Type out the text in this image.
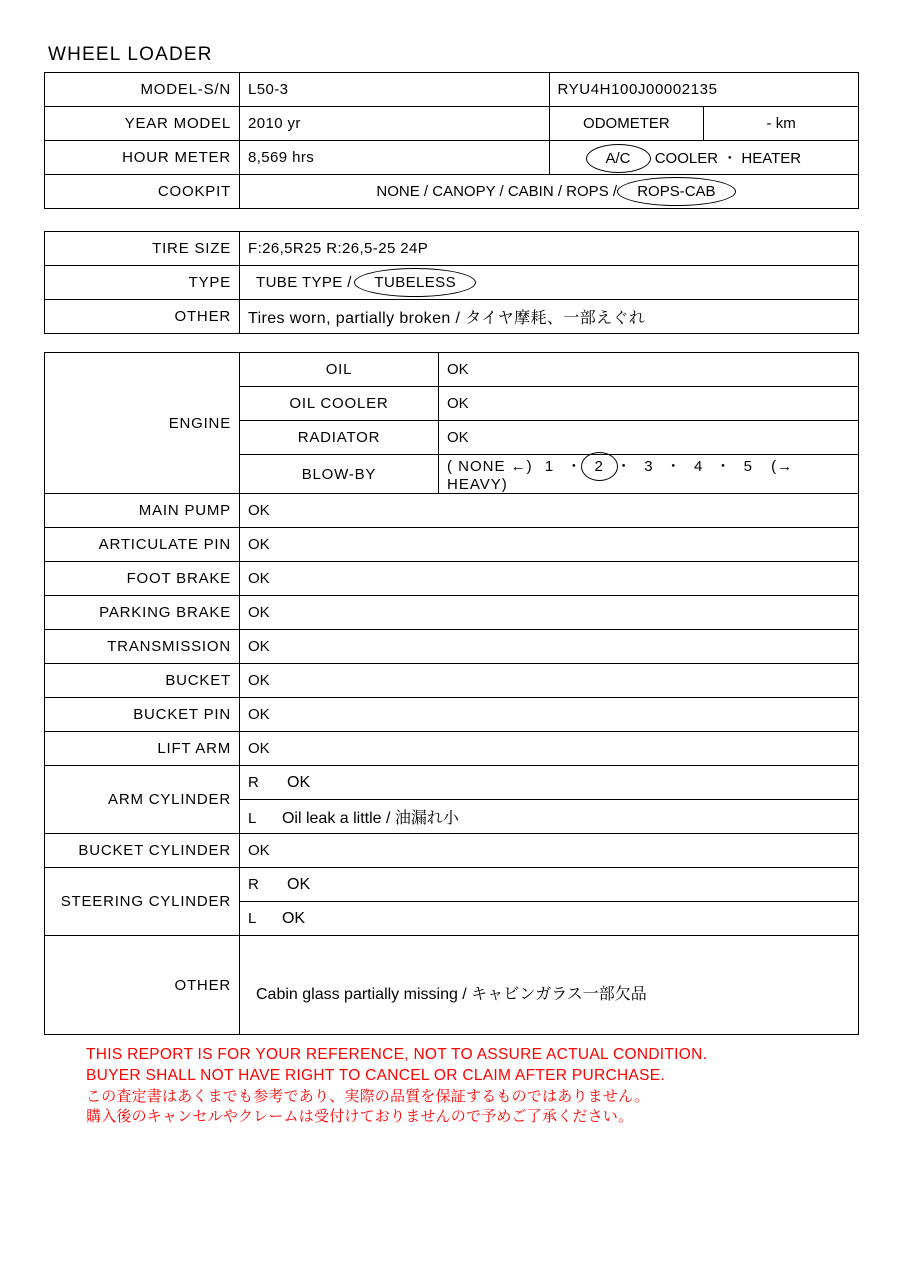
WHEEL LOADER
MODEL-S/N	L50-3	RYU4H100J00002135	
YEAR MODEL	2010 yr	ODOMETER	- km
HOUR METER	8,569 hrs	A/C COOLER ・ HEATER	
COOKPIT	NONE / CANOPY / CABIN / ROPS / ROPS-CAB		
TIRE SIZE	F:26,5R25 R:26,5-25 24P
TYPE	TUBE TYPE / TUBELESS
OTHER	Tires worn, partially broken / タイヤ摩耗、一部えぐれ
ENGINE	OIL	OK
	OIL COOLER	OK
	RADIATOR	OK
	BLOW-BY	( NONE ←) 1 ・ 2 ・ 3 ・ 4 ・ 5 (→ HEAVY)
MAIN PUMP	OK	
ARTICULATE PIN	OK	
FOOT BRAKE	OK	
PARKING BRAKE	OK	
TRANSMISSION	OK	
BUCKET	OK	
BUCKET PIN	OK	
LIFT ARM	OK	
ARM CYLINDER	R OK	
	L Oil leak a little / 油漏れ小	
BUCKET CYLINDER	OK	
STEERING CYLINDER	R OK	
	L OK	
OTHER	Cabin glass partially missing / キャビンガラス一部欠品	
THIS REPORT IS FOR YOUR REFERENCE, NOT TO ASSURE ACTUAL CONDITION.
BUYER SHALL NOT HAVE RIGHT TO CANCEL OR CLAIM AFTER PURCHASE.
この査定書はあくまでも参考であり、実際の品質を保証するものではありません。
購入後のキャンセルやクレームは受付けておりませんので予めご了承ください。
